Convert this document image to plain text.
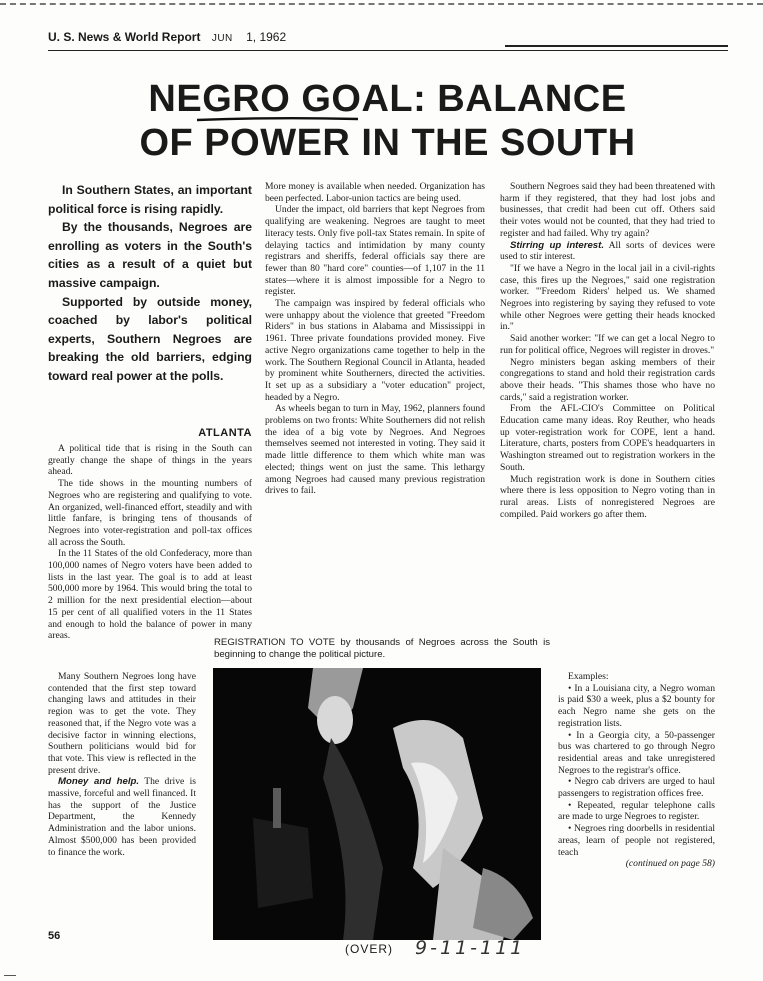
U. S. News & World Report JUN 1, 1962
NEGRO GOAL: BALANCE
OF POWER IN THE SOUTH

In Southern States, an important political force is rising rapidly.

By the thousands, Negroes are enrolling as voters in the South's cities as a result of a quiet but massive campaign.

Supported by outside money, coached by labor's political experts, Southern Negroes are breaking the old barriers, edging toward real power at the polls.

ATLANTA

A political tide that is rising in the South can greatly change the shape of things in the years ahead.

The tide shows in the mounting numbers of Negroes who are registering and qualifying to vote. An organized, well-financed effort, steadily and with little fanfare, is bringing tens of thousands of Negroes into voter-registration and poll-tax offices all across the South.

In the 11 States of the old Confederacy, more than 100,000 names of Negro voters have been added to lists in the last year. The goal is to add at least 500,000 more by 1964. This would bring the total to 2 million for the next presidential election—about 15 per cent of all qualified voters in the 11 States and enough to hold the balance of power in many areas.

Many Southern Negroes long have contended that the first step toward changing laws and attitudes in their region was to get the vote. They reasoned that, if the Negro vote was a decisive factor in winning elections, Southern politicians would bid for that vote. This view is reflected in the present drive.

Money and help. The drive is massive, forceful and well financed. It has the support of the Justice Department, the Kennedy Administration and the labor unions. Almost $500,000 has been provided to finance the work.

More money is available when needed. Organization has been perfected. Labor-union tactics are being used.

Under the impact, old barriers that kept Negroes from qualifying are weakening. Negroes are taught to meet literacy tests. Only five poll-tax States remain. In spite of delaying tactics and intimidation by many county registrars and sheriffs, federal officials say there are fewer than 80 "hard core" counties—of 1,107 in the 11 states—where it is almost impossible for a Negro to register.

The campaign was inspired by federal officials who were unhappy about the violence that greeted "Freedom Riders" in bus stations in Alabama and Mississippi in 1961. Three private foundations provided money. Five active Negro organizations came together to help in the work. The Southern Regional Council in Atlanta, headed by prominent white Southerners, directed the activities. It set up as a subsidiary a "voter education" project, headed by a Negro.

As wheels began to turn in May, 1962, planners found problems on two fronts: White Southerners did not relish the idea of a big vote by Negroes. And Negroes themselves seemed not interested in voting. They said it made little difference to them which white man was elected; things went on just the same. This lethargy among Negroes had caused many previous registration drives to fail.

Southern Negroes said they had been threatened with harm if they registered, that they had lost jobs and businesses, that credit had been cut off. Others said their votes would not be counted, that they had tried to register and had failed. Why try again?

Stirring up interest. All sorts of devices were used to stir interest.

"If we have a Negro in the local jail in a civil-rights case, this fires up the Negroes," said one registration worker. "'Freedom Riders' helped us. We shamed Negroes into registering by saying they refused to vote while other Negroes were getting their heads knocked in."

Said another worker: "If we can get a local Negro to run for political office, Negroes will register in droves."

Negro ministers began asking members of their congregations to stand and hold their registration cards above their heads. "This shames those who have no cards," said a registration worker.

From the AFL-CIO's Committee on Political Education came many ideas. Roy Reuther, who heads up voter-registration work for COPE, lent a hand. Literature, charts, posters from COPE's headquarters in Washington streamed out to registration workers in the South.

Much registration work is done in Southern cities where there is less opposition to Negro voting than in rural areas. Lists of nonregistered Negroes are compiled. Paid workers go after them.

Examples:

• In a Louisiana city, a Negro woman is paid $30 a week, plus a $2 bounty for each Negro name she gets on the registration lists.

• In a Georgia city, a 50-passenger bus was chartered to go through Negro residential areas and take unregistered Negroes to the registrar's office.

• Negro cab drivers are urged to haul passengers to registration offices free.

• Repeated, regular telephone calls are made to urge Negroes to register.

• Negroes ring doorbells in residential areas, learn of people not registered, teach

(continued on page 58)

REGISTRATION TO VOTE by thousands of Negroes across the South is beginning to change the political picture.
56
(OVER) 9-11-111
